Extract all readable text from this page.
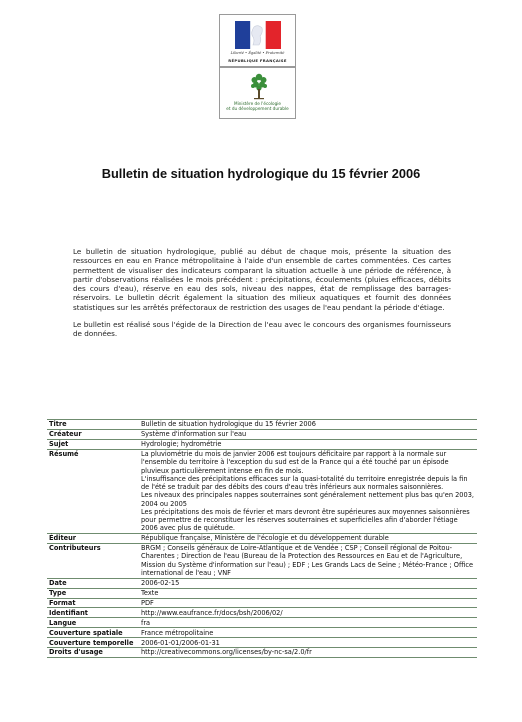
Liberté • Égalité • Fraternité
RÉPUBLIQUE FRANÇAISE
Ministère de l'écologie
et du développement durable
Bulletin de situation hydrologique du 15 février 2006

Le bulletin de situation hydrologique, publié au début de chaque mois, présente la situation des ressources en eau en France métropolitaine à l'aide d'un ensemble de cartes commentées. Ces cartes permettent de visualiser des indicateurs comparant la situation actuelle à une période de référence, à partir d'observations réalisées le mois précédent : précipitations, écoulements (pluies efficaces, débits des cours d'eau), réserve en eau des sols, niveau des nappes, état de remplissage des barrages-réservoirs. Le bulletin décrit également la situation des milieux aquatiques et fournit des données statistiques sur les arrêtés préfectoraux de restriction des usages de l'eau pendant la période d'étiage.

Le bulletin est réalisé sous l'égide de la Direction de l'eau avec le concours des organismes fournisseurs de données.

Titre	Bulletin de situation hydrologique du 15 février 2006
Créateur	Système d'information sur l'eau
Sujet	Hydrologie; hydrométrie
Résumé	La pluviométrie du mois de janvier 2006 est toujours déficitaire par rapport à la normale sur l'ensemble du territoire à l'exception du sud est de la France qui a été touché par un épisode pluvieux particulièrement intense en fin de mois.
L'insuffisance des précipitations efficaces sur la quasi-totalité du territoire enregistrée depuis la fin de l'été se traduit par des débits des cours d'eau très inférieurs aux normales saisonnières.
Les niveaux des principales nappes souterraines sont généralement nettement plus bas qu'en 2003, 2004 ou 2005
Les précipitations des mois de février et mars devront être supérieures aux moyennes saisonnières pour permettre de reconstituer les réserves souterraines et superficielles afin d'aborder l'étiage 2006 avec plus de quiétude.

Éditeur	République française, Ministère de l'écologie et du développement durable
Contributeurs	BRGM ; Conseils généraux de Loire-Atlantique et de Vendée ; CSP ; Conseil régional de Poitou-Charentes ; Direction de l'eau (Bureau de la Protection des Ressources en Eau et de l'Agriculture, Mission du Système d'information sur l'eau) ; EDF ; Les Grands Lacs de Seine ; Météo-France ; Office international de l'eau ; VNF
Date	2006-02-15
Type	Texte
Format	PDF
Identifiant	http://www.eaufrance.fr/docs/bsh/2006/02/
Langue	fra
Couverture spatiale	France métropolitaine
Couverture temporelle	2006-01-01/2006-01-31
Droits d'usage	http://creativecommons.org/licenses/by-nc-sa/2.0/fr
